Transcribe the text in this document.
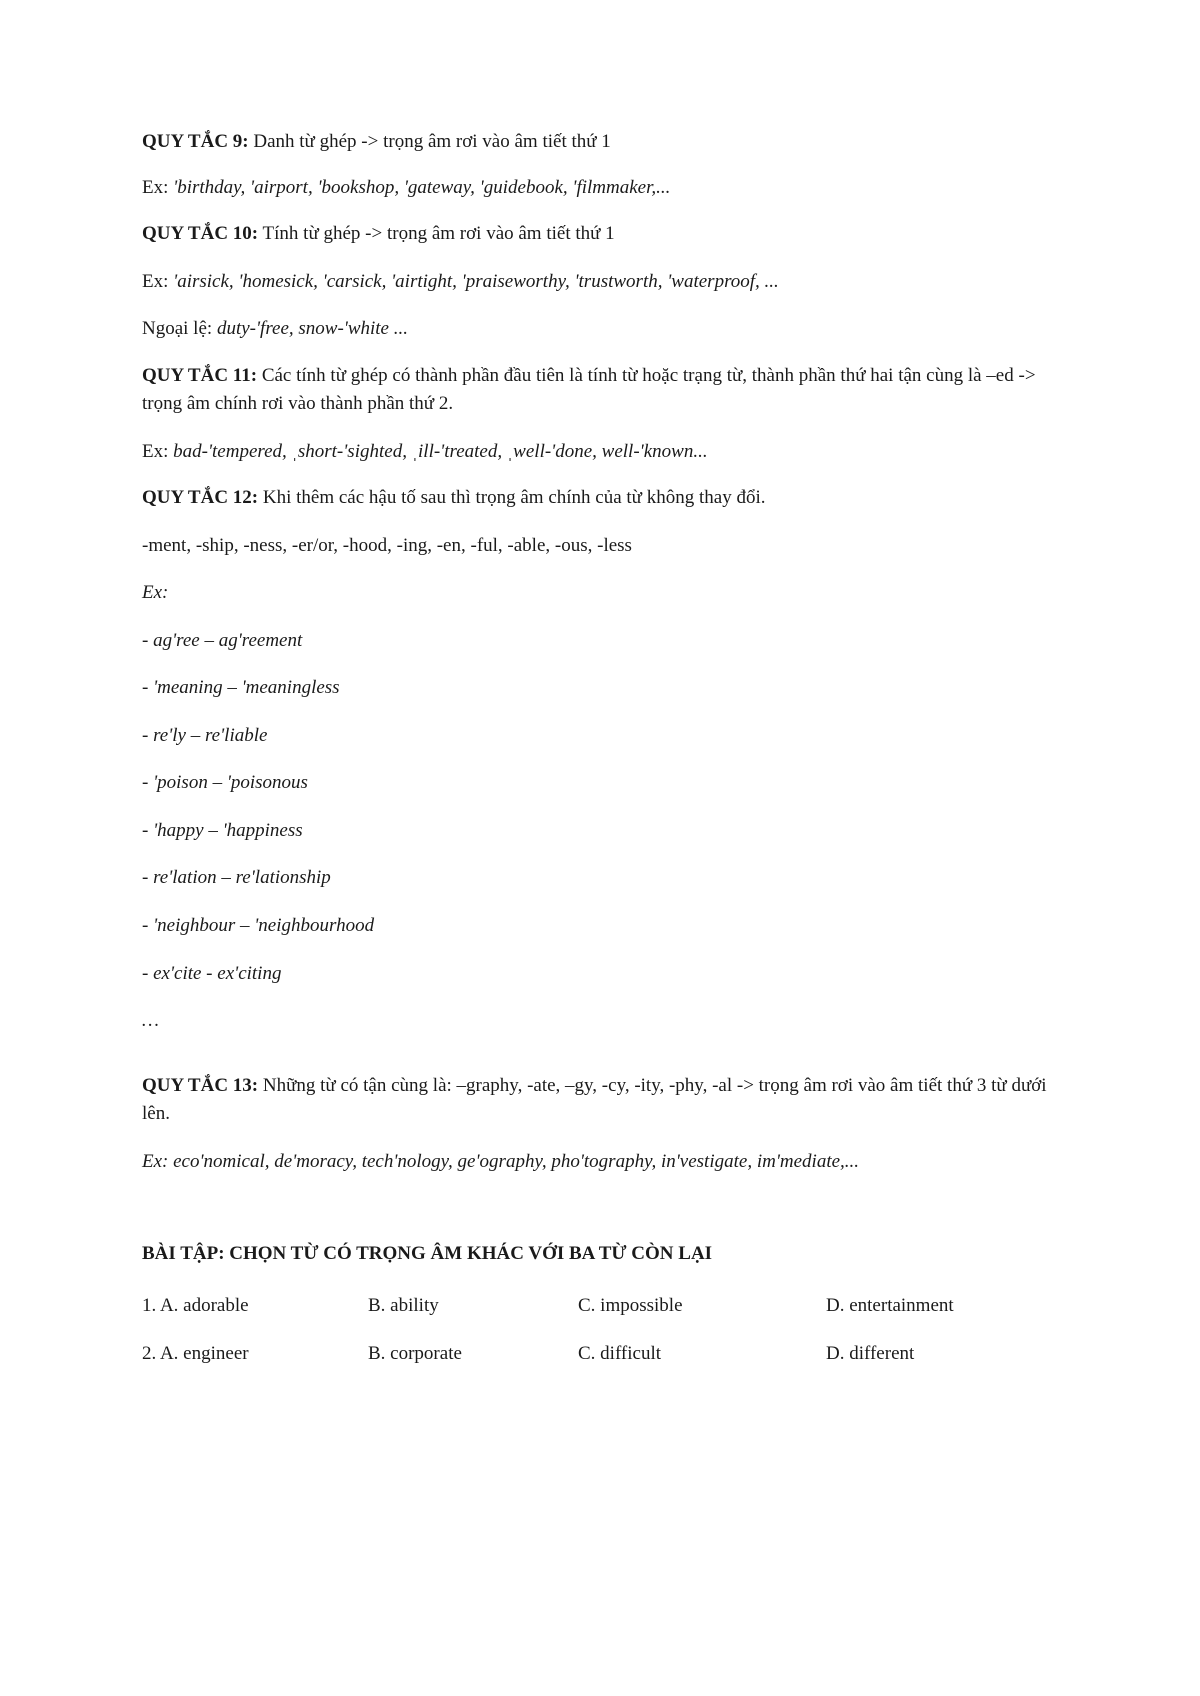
QUY TẮC 9: Danh từ ghép -> trọng âm rơi vào âm tiết thứ 1
Ex: 'birthday, 'airport, 'bookshop, 'gateway, 'guidebook, 'filmmaker,...
QUY TẮC 10: Tính từ ghép -> trọng âm rơi vào âm tiết thứ 1
Ex: 'airsick, 'homesick, 'carsick, 'airtight, 'praiseworthy, 'trustworth, 'waterproof, ...
Ngoại lệ: duty-'free, snow-'white ...
QUY TẮC 11: Các tính từ ghép có thành phần đầu tiên là tính từ hoặc trạng từ, thành phần thứ hai tận cùng là –ed -> trọng âm chính rơi vào thành phần thứ 2.
Ex: bad-'tempered, ˌshort-'sighted, ˌill-'treated, ˌwell-'done, well-'known...
QUY TẮC 12: Khi thêm các hậu tố sau thì trọng âm chính của từ không thay đổi.
-ment, -ship, -ness, -er/or, -hood, -ing, -en, -ful, -able, -ous, -less
Ex:
- ag'ree – ag'reement
- 'meaning – 'meaningless
- re'ly – re'liable
- 'poison – 'poisonous
- 'happy – 'happiness
- re'lation – re'lationship
- 'neighbour – 'neighbourhood
- ex'cite - ex'citing
…
QUY TẮC 13: Những từ có tận cùng là: –graphy, -ate, –gy, -cy, -ity, -phy, -al -> trọng âm rơi vào âm tiết thứ 3 từ dưới lên.
Ex: eco'nomical, de'moracy, tech'nology, ge'ography, pho'tography, in'vestigate, im'mediate,...
BÀI TẬP: CHỌN TỪ CÓ TRỌNG ÂM KHÁC VỚI BA TỪ CÒN LẠI
1. A. adorable	B. ability	C. impossible	D. entertainment
2. A. engineer	B. corporate	C. difficult	D. different
